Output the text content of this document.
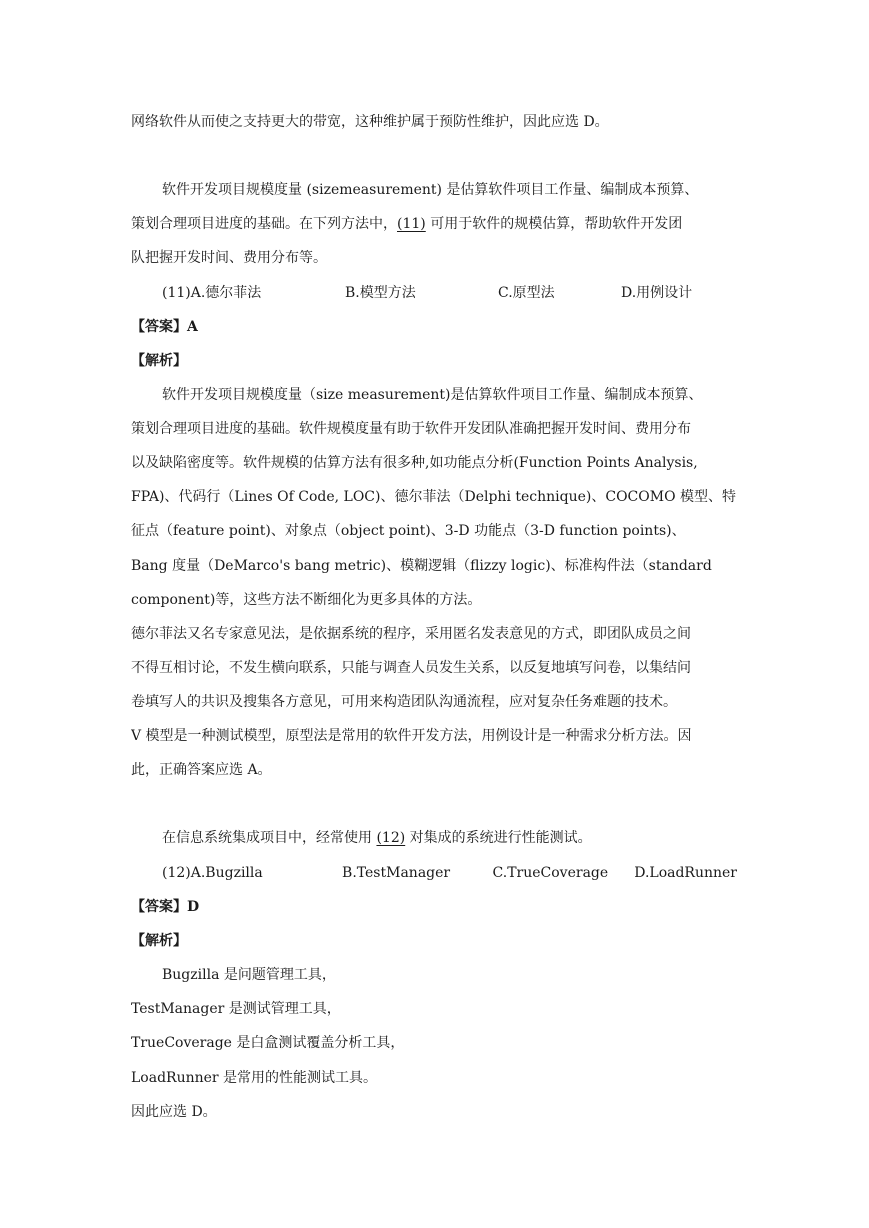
网络软件从而使之支持更大的带宽，这种维护属于预防性维护，因此应选 D。
软件开发项目规模度量 (sizemeasurement) 是估算软件项目工作量、编制成本预算、
策划合理项目进度的基础。在下列方法中，(11) 可用于软件的规模估算，帮助软件开发团
队把握开发时间、费用分布等。
(11)A.德尔菲法	B.模型方法	C.原型法	D.用例设计
【答案】A
【解析】
软件开发项目规模度量（size measurement)是估算软件项目工作量、编制成本预算、
策划合理项目进度的基础。软件规模度量有助于软件开发团队准确把握开发时间、费用分布
以及缺陷密度等。软件规模的估算方法有很多种,如功能点分析(Function Points Analysis,
FPA)、代码行（Lines Of Code, LOC)、德尔菲法（Delphi technique)、COCOMO 模型、特
征点（feature point)、对象点（object point)、3-D 功能点（3-D function points)、
Bang 度量（DeMarco's bang metric)、模糊逻辑（flizzy logic)、标准构件法（standard
component)等，这些方法不断细化为更多具体的方法。
德尔菲法又名专家意见法，是依据系统的程序，采用匿名发表意见的方式，即团队成员之间
不得互相讨论，不发生横向联系，只能与调查人员发生关系，以反复地填写问卷，以集结问
卷填写人的共识及搜集各方意见，可用来构造团队沟通流程，应对复杂任务难题的技术。
V 模型是一种测试模型，原型法是常用的软件开发方法，用例设计是一种需求分析方法。因
此，正确答案应选 A。
在信息系统集成项目中，经常使用 (12) 对集成的系统进行性能测试。
(12)A.Bugzilla	B.TestManager	C.TrueCoverage	D.LoadRunner
【答案】D
【解析】
Bugzilla 是问题管理工具，
TestManager 是测试管理工具，
TrueCoverage 是白盒测试覆盖分析工具，
LoadRunner 是常用的性能测试工具。
因此应选 D。
